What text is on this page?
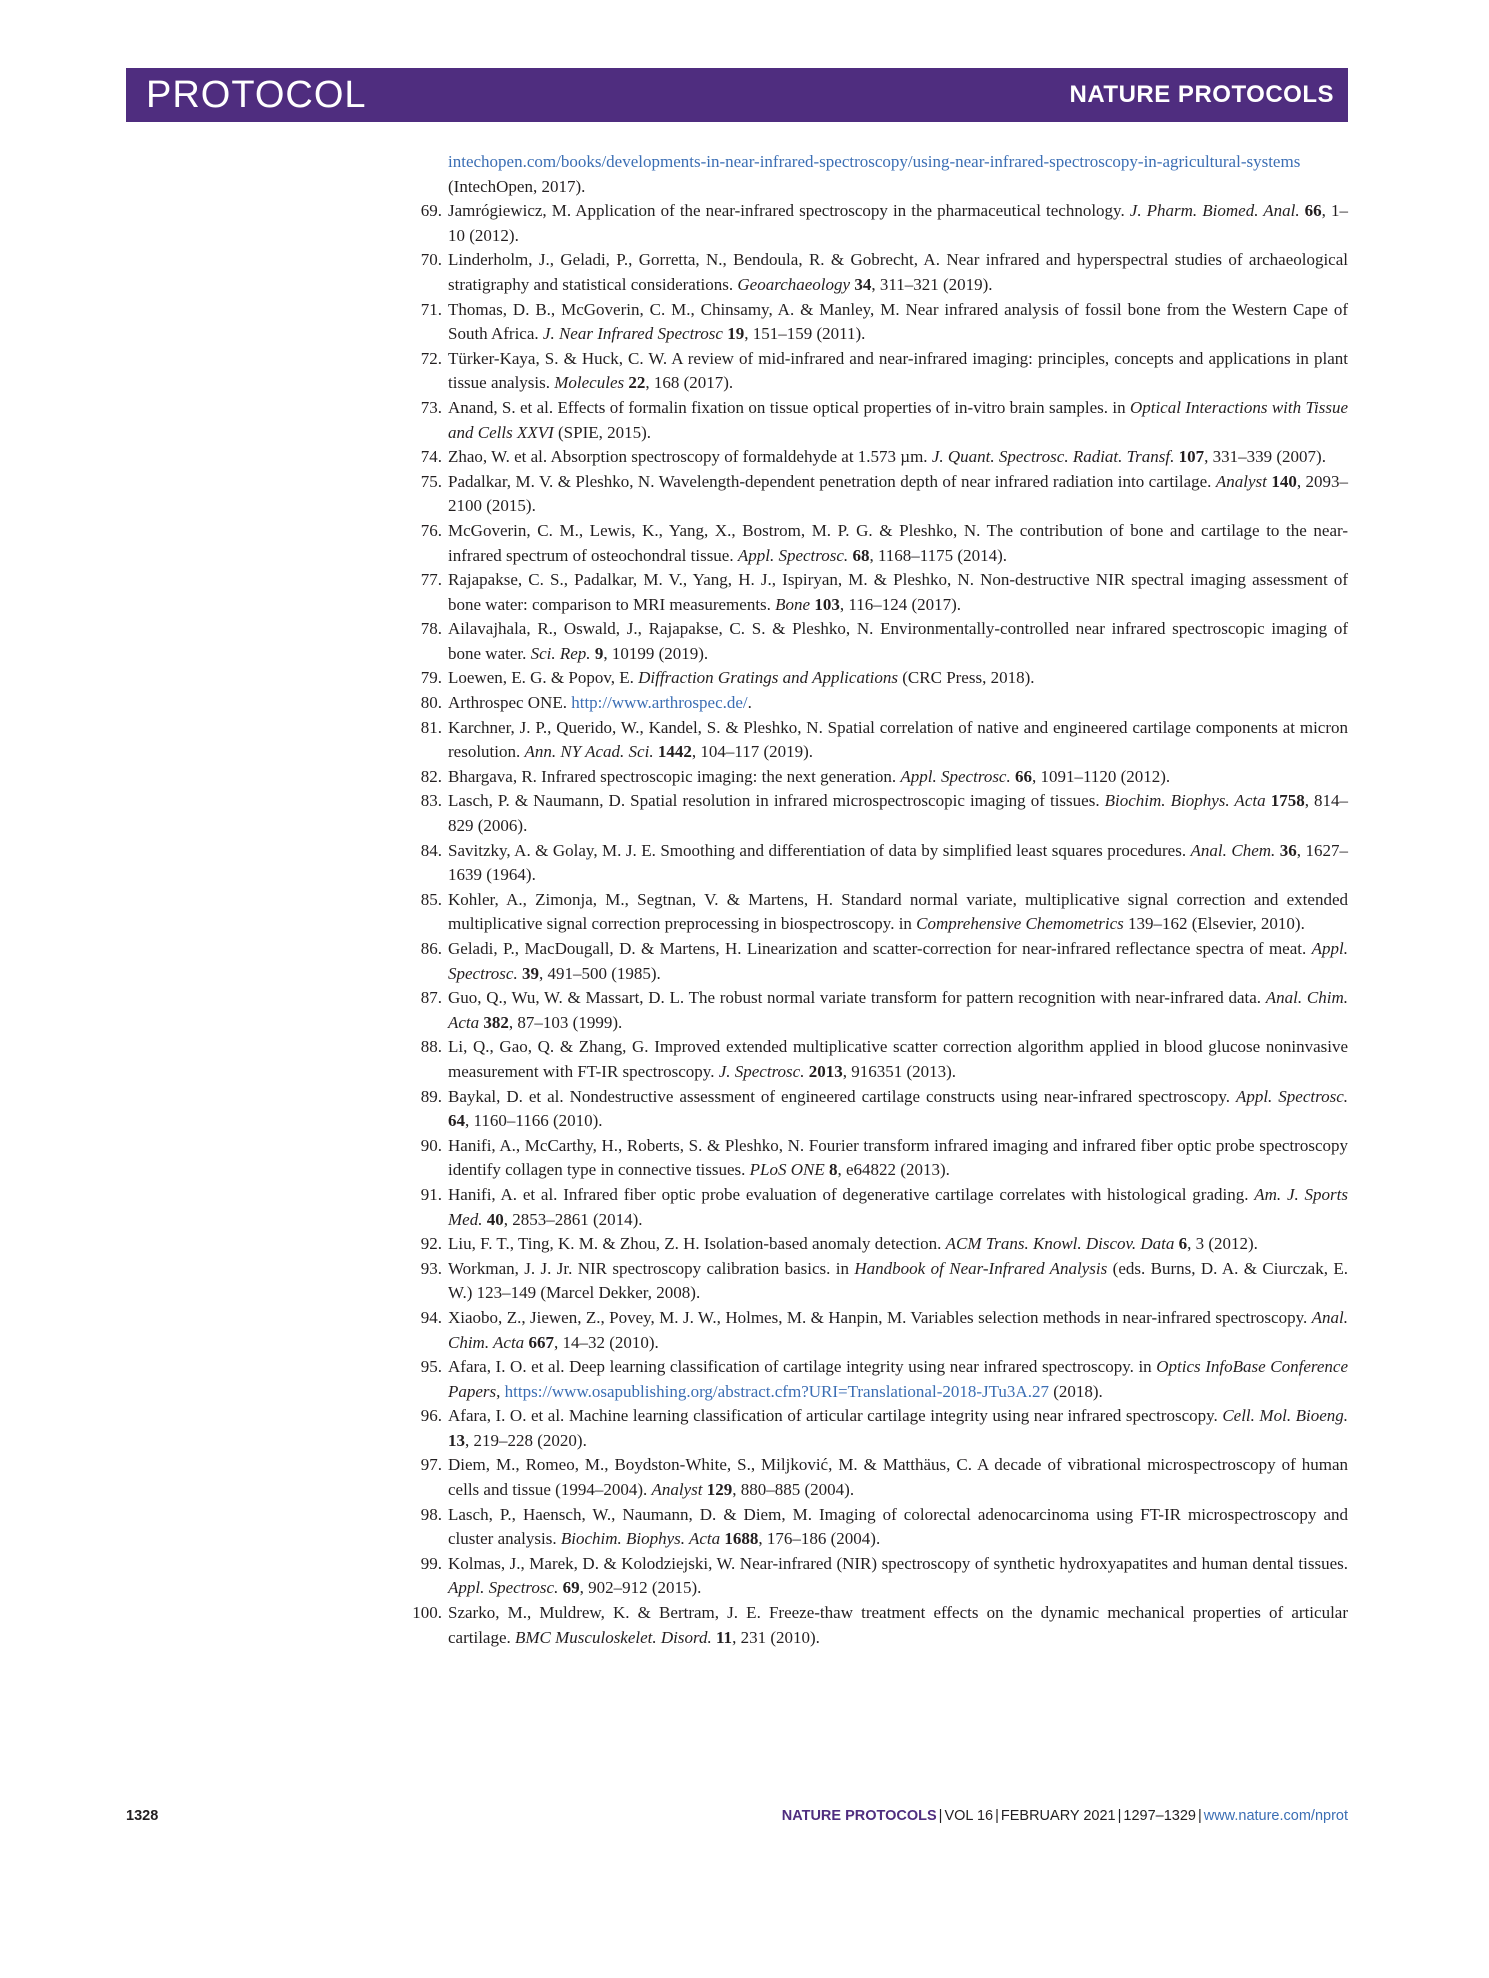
PROTOCOL	NATURE PROTOCOLS
intechopen.com/books/developments-in-near-infrared-spectroscopy/using-near-infrared-spectroscopy-in-agricultural-systems (IntechOpen, 2017).
69. Jamrógiewicz, M. Application of the near-infrared spectroscopy in the pharmaceutical technology. J. Pharm. Biomed. Anal. 66, 1–10 (2012).
70. Linderholm, J., Geladi, P., Gorretta, N., Bendoula, R. & Gobrecht, A. Near infrared and hyperspectral studies of archaeological stratigraphy and statistical considerations. Geoarchaeology 34, 311–321 (2019).
71. Thomas, D. B., McGoverin, C. M., Chinsamy, A. & Manley, M. Near infrared analysis of fossil bone from the Western Cape of South Africa. J. Near Infrared Spectrosc 19, 151–159 (2011).
72. Türker-Kaya, S. & Huck, C. W. A review of mid-infrared and near-infrared imaging: principles, concepts and applications in plant tissue analysis. Molecules 22, 168 (2017).
73. Anand, S. et al. Effects of formalin fixation on tissue optical properties of in-vitro brain samples. in Optical Interactions with Tissue and Cells XXVI (SPIE, 2015).
74. Zhao, W. et al. Absorption spectroscopy of formaldehyde at 1.573 µm. J. Quant. Spectrosc. Radiat. Transf. 107, 331–339 (2007).
75. Padalkar, M. V. & Pleshko, N. Wavelength-dependent penetration depth of near infrared radiation into cartilage. Analyst 140, 2093–2100 (2015).
76. McGoverin, C. M., Lewis, K., Yang, X., Bostrom, M. P. G. & Pleshko, N. The contribution of bone and cartilage to the near-infrared spectrum of osteochondral tissue. Appl. Spectrosc. 68, 1168–1175 (2014).
77. Rajapakse, C. S., Padalkar, M. V., Yang, H. J., Ispiryan, M. & Pleshko, N. Non-destructive NIR spectral imaging assessment of bone water: comparison to MRI measurements. Bone 103, 116–124 (2017).
78. Ailavajhala, R., Oswald, J., Rajapakse, C. S. & Pleshko, N. Environmentally-controlled near infrared spectroscopic imaging of bone water. Sci. Rep. 9, 10199 (2019).
79. Loewen, E. G. & Popov, E. Diffraction Gratings and Applications (CRC Press, 2018).
80. Arthrospec ONE. http://www.arthrospec.de/.
81. Karchner, J. P., Querido, W., Kandel, S. & Pleshko, N. Spatial correlation of native and engineered cartilage components at micron resolution. Ann. NY Acad. Sci. 1442, 104–117 (2019).
82. Bhargava, R. Infrared spectroscopic imaging: the next generation. Appl. Spectrosc. 66, 1091–1120 (2012).
83. Lasch, P. & Naumann, D. Spatial resolution in infrared microspectroscopic imaging of tissues. Biochim. Biophys. Acta 1758, 814–829 (2006).
84. Savitzky, A. & Golay, M. J. E. Smoothing and differentiation of data by simplified least squares procedures. Anal. Chem. 36, 1627–1639 (1964).
85. Kohler, A., Zimonja, M., Segtnan, V. & Martens, H. Standard normal variate, multiplicative signal correction and extended multiplicative signal correction preprocessing in biospectroscopy. in Comprehensive Chemometrics 139–162 (Elsevier, 2010).
86. Geladi, P., MacDougall, D. & Martens, H. Linearization and scatter-correction for near-infrared reflectance spectra of meat. Appl. Spectrosc. 39, 491–500 (1985).
87. Guo, Q., Wu, W. & Massart, D. L. The robust normal variate transform for pattern recognition with near-infrared data. Anal. Chim. Acta 382, 87–103 (1999).
88. Li, Q., Gao, Q. & Zhang, G. Improved extended multiplicative scatter correction algorithm applied in blood glucose noninvasive measurement with FT-IR spectroscopy. J. Spectrosc. 2013, 916351 (2013).
89. Baykal, D. et al. Nondestructive assessment of engineered cartilage constructs using near-infrared spectroscopy. Appl. Spectrosc. 64, 1160–1166 (2010).
90. Hanifi, A., McCarthy, H., Roberts, S. & Pleshko, N. Fourier transform infrared imaging and infrared fiber optic probe spectroscopy identify collagen type in connective tissues. PLoS ONE 8, e64822 (2013).
91. Hanifi, A. et al. Infrared fiber optic probe evaluation of degenerative cartilage correlates with histological grading. Am. J. Sports Med. 40, 2853–2861 (2014).
92. Liu, F. T., Ting, K. M. & Zhou, Z. H. Isolation-based anomaly detection. ACM Trans. Knowl. Discov. Data 6, 3 (2012).
93. Workman, J. J. Jr. NIR spectroscopy calibration basics. in Handbook of Near-Infrared Analysis (eds. Burns, D. A. & Ciurczak, E. W.) 123–149 (Marcel Dekker, 2008).
94. Xiaobo, Z., Jiewen, Z., Povey, M. J. W., Holmes, M. & Hanpin, M. Variables selection methods in near-infrared spectroscopy. Anal. Chim. Acta 667, 14–32 (2010).
95. Afara, I. O. et al. Deep learning classification of cartilage integrity using near infrared spectroscopy. in Optics InfoBase Conference Papers, https://www.osapublishing.org/abstract.cfm?URI=Translational-2018-JTu3A.27 (2018).
96. Afara, I. O. et al. Machine learning classification of articular cartilage integrity using near infrared spectroscopy. Cell. Mol. Bioeng. 13, 219–228 (2020).
97. Diem, M., Romeo, M., Boydston-White, S., Miljković, M. & Matthäus, C. A decade of vibrational microspectroscopy of human cells and tissue (1994–2004). Analyst 129, 880–885 (2004).
98. Lasch, P., Haensch, W., Naumann, D. & Diem, M. Imaging of colorectal adenocarcinoma using FT-IR microspectroscopy and cluster analysis. Biochim. Biophys. Acta 1688, 176–186 (2004).
99. Kolmas, J., Marek, D. & Kolodziejski, W. Near-infrared (NIR) spectroscopy of synthetic hydroxyapatites and human dental tissues. Appl. Spectrosc. 69, 902–912 (2015).
100. Szarko, M., Muldrew, K. & Bertram, J. E. Freeze-thaw treatment effects on the dynamic mechanical properties of articular cartilage. BMC Musculoskelet. Disord. 11, 231 (2010).
1328	NATURE PROTOCOLS | VOL 16 | FEBRUARY 2021 | 1297–1329 | www.nature.com/nprot
